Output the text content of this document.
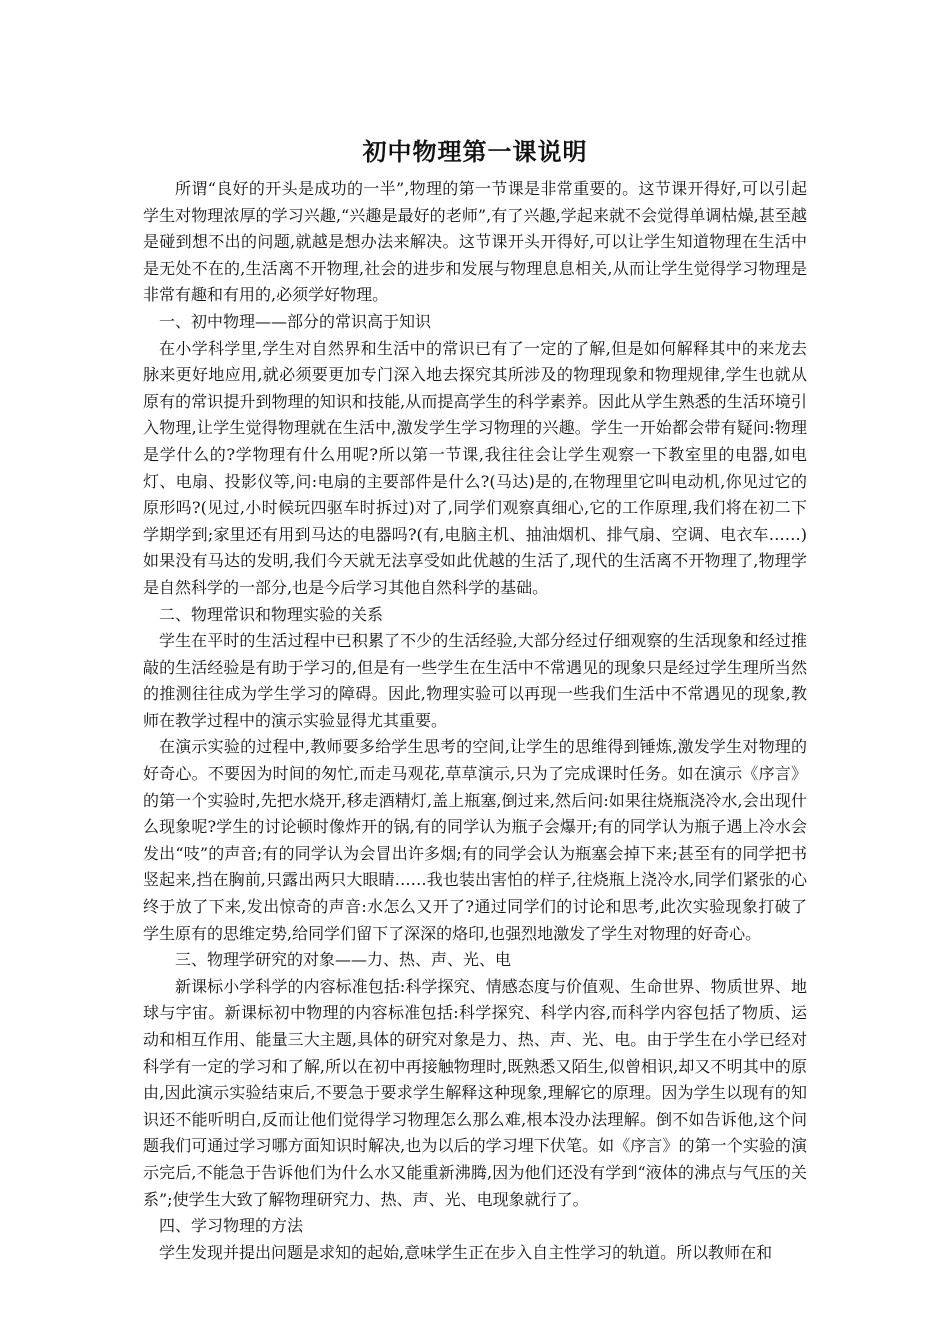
初中物理第一课说明

所谓“良好的开头是成功的一半”,物理的第一节课是非常重要的。这节课开得好,可以引起学生对物理浓厚的学习兴趣,“兴趣是最好的老师”,有了兴趣,学起来就不会觉得单调枯燥,甚至越是碰到想不出的问题,就越是想办法来解决。这节课开头开得好,可以让学生知道物理在生活中是无处不在的,生活离不开物理,社会的进步和发展与物理息息相关,从而让学生觉得学习物理是非常有趣和有用的,必须学好物理。

一、初中物理——部分的常识高于知识

在小学科学里,学生对自然界和生活中的常识已有了一定的了解,但是如何解释其中的来龙去脉来更好地应用,就必须要更加专门深入地去探究其所涉及的物理现象和物理规律,学生也就从原有的常识提升到物理的知识和技能,从而提高学生的科学素养。因此从学生熟悉的生活环境引入物理,让学生觉得物理就在生活中,激发学生学习物理的兴趣。学生一开始都会带有疑问:物理是学什么的?学物理有什么用呢?所以第一节课,我往往会让学生观察一下教室里的电器,如电灯、电扇、投影仪等,问:电扇的主要部件是什么?(马达)是的,在物理里它叫电动机,你见过它的原形吗?(见过,小时候玩四驱车时拆过)对了,同学们观察真细心,它的工作原理,我们将在初二下学期学到;家里还有用到马达的电器吗?(有,电脑主机、抽油烟机、排气扇、空调、电衣车……)如果没有马达的发明,我们今天就无法享受如此优越的生活了,现代的生活离不开物理了,物理学是自然科学的一部分,也是今后学习其他自然科学的基础。

二、物理常识和物理实验的关系

学生在平时的生活过程中已积累了不少的生活经验,大部分经过仔细观察的生活现象和经过推敲的生活经验是有助于学习的,但是有一些学生在生活中不常遇见的现象只是经过学生理所当然的推测往往成为学生学习的障碍。因此,物理实验可以再现一些我们生活中不常遇见的现象,教师在教学过程中的演示实验显得尤其重要。

在演示实验的过程中,教师要多给学生思考的空间,让学生的思维得到锤炼,激发学生对物理的好奇心。不要因为时间的匆忙,而走马观花,草草演示,只为了完成课时任务。如在演示《序言》的第一个实验时,先把水烧开,移走酒精灯,盖上瓶塞,倒过来,然后问:如果往烧瓶浇冷水,会出现什么现象呢?学生的讨论顿时像炸开的锅,有的同学认为瓶子会爆开;有的同学认为瓶子遇上冷水会发出“吱”的声音;有的同学认为会冒出许多烟;有的同学会认为瓶塞会掉下来;甚至有的同学把书竖起来,挡在胸前,只露出两只大眼睛……我也装出害怕的样子,往烧瓶上浇冷水,同学们紧张的心终于放了下来,发出惊奇的声音:水怎么又开了?通过同学们的讨论和思考,此次实验现象打破了学生原有的思维定势,给同学们留下了深深的烙印,也强烈地激发了学生对物理的好奇心。

三、物理学研究的对象——力、热、声、光、电

新课标小学科学的内容标准包括:科学探究、情感态度与价值观、生命世界、物质世界、地球与宇宙。新课标初中物理的内容标准包括:科学探究、科学内容,而科学内容包括了物质、运动和相互作用、能量三大主题,具体的研究对象是力、热、声、光、电。由于学生在小学已经对科学有一定的学习和了解,所以在初中再接触物理时,既熟悉又陌生,似曾相识,却又不明其中的原由,因此演示实验结束后,不要急于要求学生解释这种现象,理解它的原理。因为学生以现有的知识还不能听明白,反而让他们觉得学习物理怎么那么难,根本没办法理解。倒不如告诉他,这个问题我们可通过学习哪方面知识时解决,也为以后的学习埋下伏笔。如《序言》的第一个实验的演示完后,不能急于告诉他们为什么水又能重新沸腾,因为他们还没有学到“液体的沸点与气压的关系”;使学生大致了解物理研究力、热、声、光、电现象就行了。

四、学习物理的方法

学生发现并提出问题是求知的起始,意味学生正在步入自主性学习的轨道。所以教师在和
